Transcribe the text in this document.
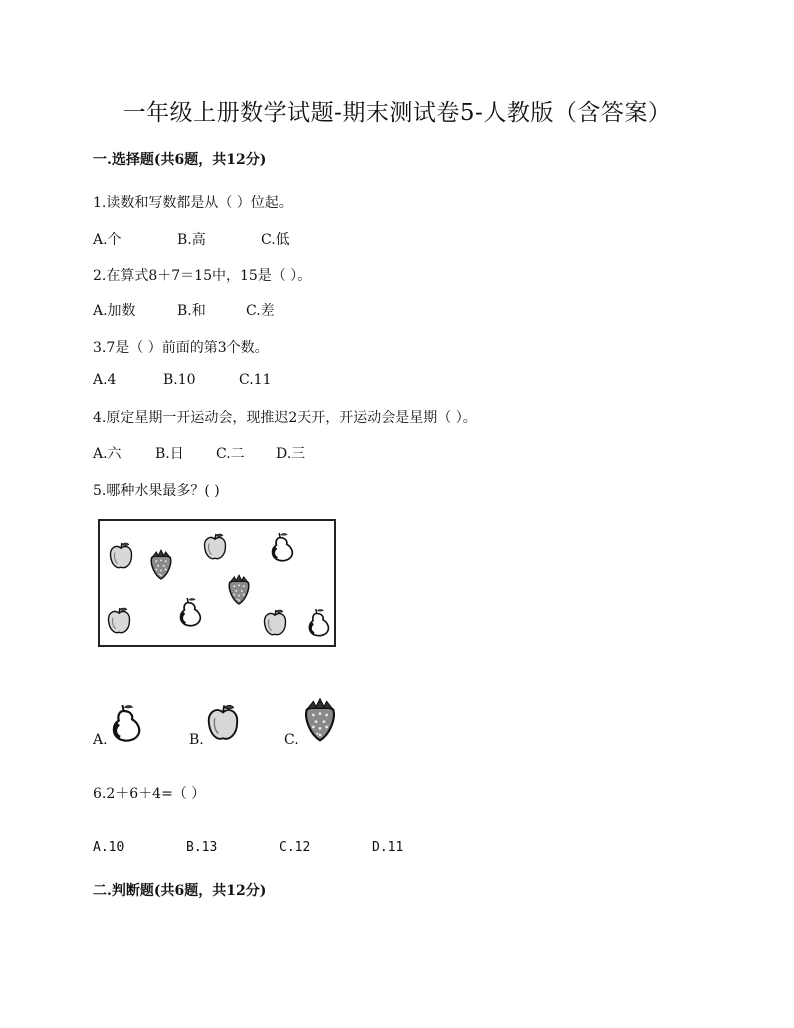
一年级上册数学试题-期末测试卷5-人教版（含答案）
一.选择题(共6题，共12分)
1.读数和写数都是从（ ）位起。
A.个	B.高	C.低
2.在算式8＋7＝15中，15是（ ）。
A.加数	B.和	C.差
3.7是（ ）前面的第3个数。
A.4	B.10	C.11
4.原定星期一开运动会，现推迟2天开，开运动会是星期（ ）。
A.六 B.日 C.二 D.三
5.哪种水果最多？( )
A.	B.	C.
6.2＋6＋4=（ ）
A.10	B.13	C.12	D.11
二.判断题(共6题，共12分)
